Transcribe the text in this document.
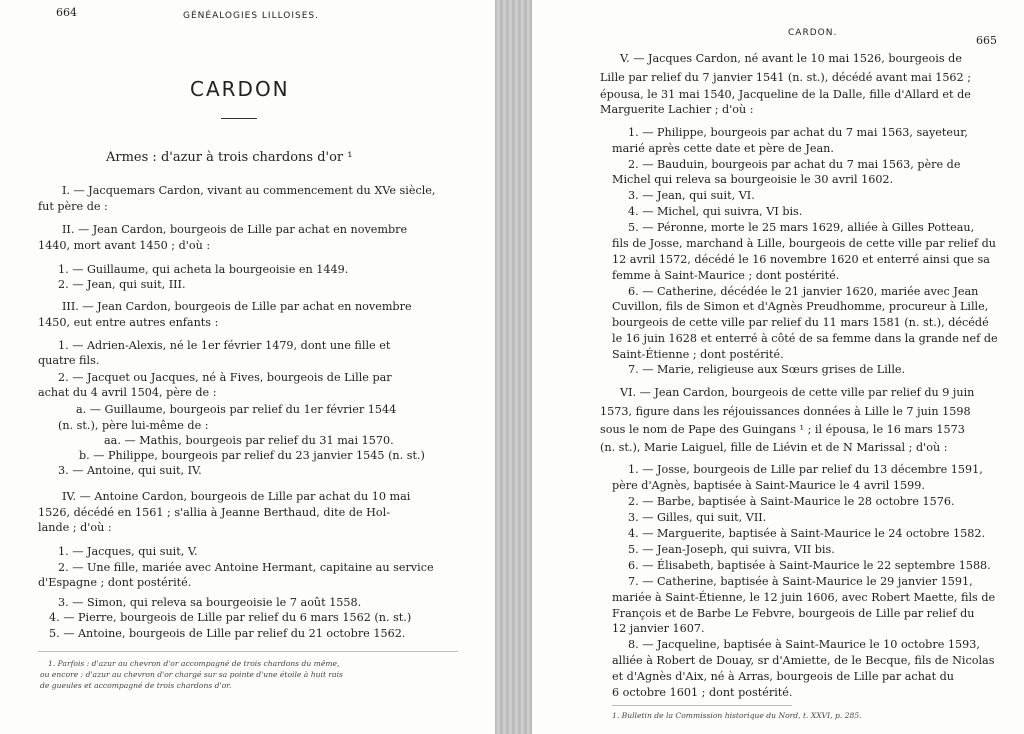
664	GÉNÉALOGIES LILLOISES.
CARDON
Armes : d'azur à trois chardons d'or ¹

I. — Jacquemars Cardon, vivant au commencement du XVe siècle,

fut père de :

II. — Jean Cardon, bourgeois de Lille par achat en novembre

1440, mort avant 1450 ; d'où :

1. — Guillaume, qui acheta la bourgeoisie en 1449.

2. — Jean, qui suit, III.

III. — Jean Cardon, bourgeois de Lille par achat en novembre

1450, eut entre autres enfants :

1. — Adrien-Alexis, né le 1er février 1479, dont une fille et

quatre fils.

2. — Jacquet ou Jacques, né à Fives, bourgeois de Lille par

achat du 4 avril 1504, père de :

a. — Guillaume, bourgeois par relief du 1er février 1544

(n. st.), père lui-même de :

aa. — Mathis, bourgeois par relief du 31 mai 1570.

b. — Philippe, bourgeois par relief du 23 janvier 1545 (n. st.)

3. — Antoine, qui suit, IV.

IV. — Antoine Cardon, bourgeois de Lille par achat du 10 mai

1526, décédé en 1561 ; s'allia à Jeanne Berthaud, dite de Hol-

lande ; d'où :

1. — Jacques, qui suit, V.

2. — Une fille, mariée avec Antoine Hermant, capitaine au service

d'Espagne ; dont postérité.

3. — Simon, qui releva sa bourgeoisie le 7 août 1558.

4. — Pierre, bourgeois de Lille par relief du 6 mars 1562 (n. st.)

5. — Antoine, bourgeois de Lille par relief du 21 octobre 1562.

1. Parfois : d'azur au chevron d'or accompagné de trois chardons du même,

ou encore : d'azur au chevron d'or chargé sur sa pointe d'une étoile à huit rais

de gueules et accompagné de trois chardons d'or.

CARDON.
665

V. — Jacques Cardon, né avant le 10 mai 1526, bourgeois de

Lille par relief du 7 janvier 1541 (n. st.), décédé avant mai 1562 ;

épousa, le 31 mai 1540, Jacqueline de la Dalle, fille d'Allard et de

Marguerite Lachier ; d'où :

1. — Philippe, bourgeois par achat du 7 mai 1563, sayeteur,

marié après cette date et père de Jean.

2. — Bauduin, bourgeois par achat du 7 mai 1563, père de

Michel qui releva sa bourgeoisie le 30 avril 1602.

3. — Jean, qui suit, VI.

4. — Michel, qui suivra, VI bis.

5. — Péronne, morte le 25 mars 1629, alliée à Gilles Potteau,

fils de Josse, marchand à Lille, bourgeois de cette ville par relief du

12 avril 1572, décédé le 16 novembre 1620 et enterré ainsi que sa

femme à Saint-Maurice ; dont postérité.

6. — Catherine, décédée le 21 janvier 1620, mariée avec Jean

Cuvillon, fils de Simon et d'Agnès Preudhomme, procureur à Lille,

bourgeois de cette ville par relief du 11 mars 1581 (n. st.), décédé

le 16 juin 1628 et enterré à côté de sa femme dans la grande nef de

Saint-Étienne ; dont postérité.

7. — Marie, religieuse aux Sœurs grises de Lille.

VI. — Jean Cardon, bourgeois de cette ville par relief du 9 juin

1573, figure dans les réjouissances données à Lille le 7 juin 1598

sous le nom de Pape des Guingans ¹ ; il épousa, le 16 mars 1573

(n. st.), Marie Laiguel, fille de Liévin et de N Marissal ; d'où :

1. — Josse, bourgeois de Lille par relief du 13 décembre 1591,

père d'Agnès, baptisée à Saint-Maurice le 4 avril 1599.

2. — Barbe, baptisée à Saint-Maurice le 28 octobre 1576.

3. — Gilles, qui suit, VII.

4. — Marguerite, baptisée à Saint-Maurice le 24 octobre 1582.

5. — Jean-Joseph, qui suivra, VII bis.

6. — Élisabeth, baptisée à Saint-Maurice le 22 septembre 1588.

7. — Catherine, baptisée à Saint-Maurice le 29 janvier 1591,

mariée à Saint-Étienne, le 12 juin 1606, avec Robert Maette, fils de

François et de Barbe Le Febvre, bourgeois de Lille par relief du

12 janvier 1607.

8. — Jacqueline, baptisée à Saint-Maurice le 10 octobre 1593,

alliée à Robert de Douay, sr d'Amiette, de le Becque, fils de Nicolas

et d'Agnès d'Aix, né à Arras, bourgeois de Lille par achat du

6 octobre 1601 ; dont postérité.

1. Bulletin de la Commission historique du Nord, t. XXVI, p. 285.
